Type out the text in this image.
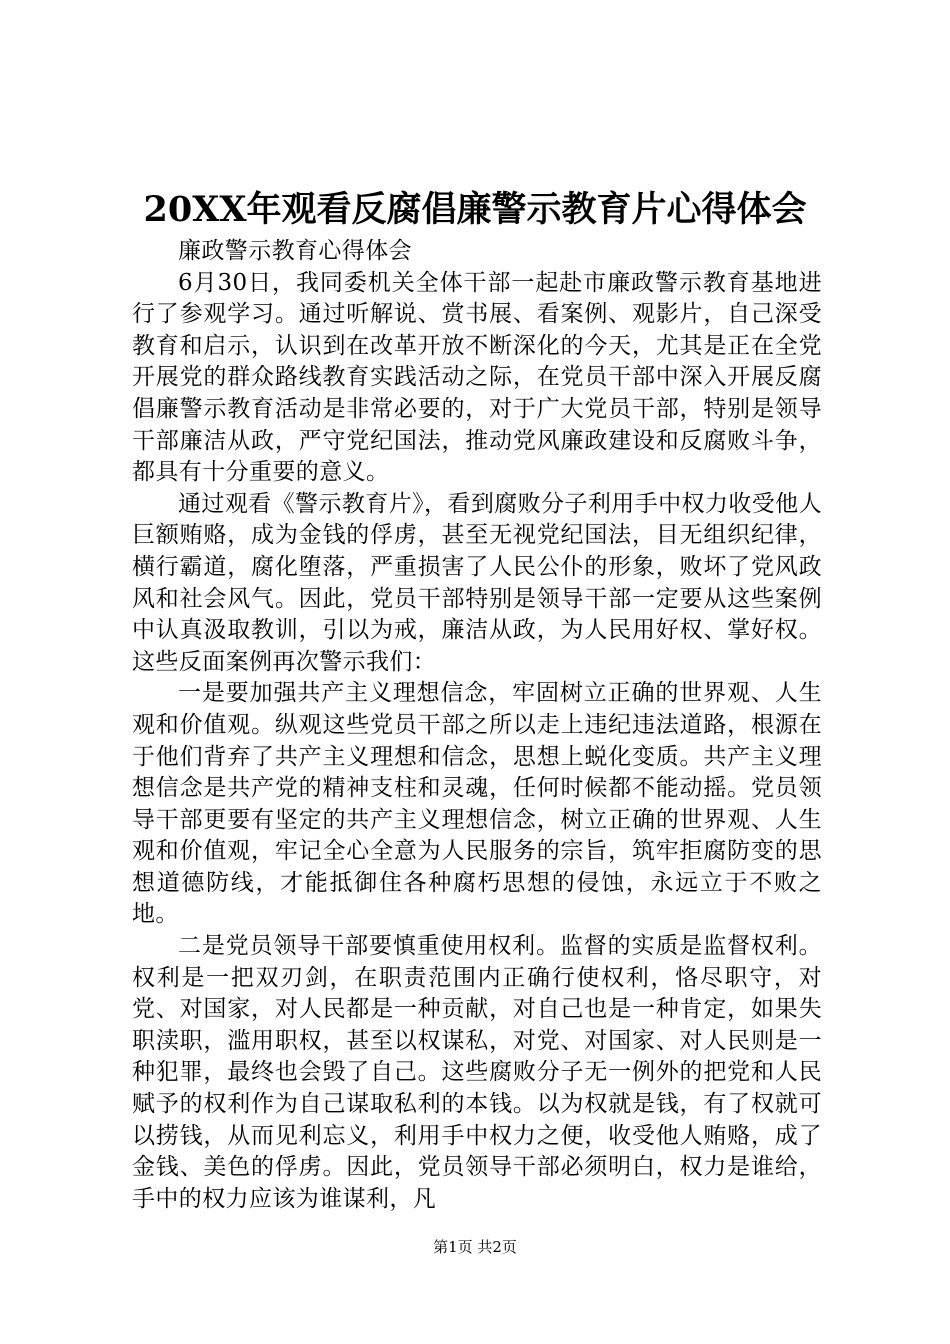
20XX年观看反腐倡廉警示教育片心得体会

廉政警示教育心得体会

6月30日，我同委机关全体干部一起赴市廉政警示教育基地进行了参观学习。通过听解说、赏书展、看案例、观影片，自己深受教育和启示，认识到在改革开放不断深化的今天，尤其是正在全党开展党的群众路线教育实践活动之际，在党员干部中深入开展反腐倡廉警示教育活动是非常必要的，对于广大党员干部，特别是领导干部廉洁从政，严守党纪国法，推动党风廉政建设和反腐败斗争，都具有十分重要的意义。

通过观看《警示教育片》，看到腐败分子利用手中权力收受他人巨额贿赂，成为金钱的俘虏，甚至无视党纪国法，目无组织纪律，横行霸道，腐化堕落，严重损害了人民公仆的形象，败坏了党风政风和社会风气。因此，党员干部特别是领导干部一定要从这些案例中认真汲取教训，引以为戒，廉洁从政，为人民用好权、掌好权。这些反面案例再次警示我们：

一是要加强共产主义理想信念，牢固树立正确的世界观、人生观和价值观。纵观这些党员干部之所以走上违纪违法道路，根源在于他们背弃了共产主义理想和信念，思想上蜕化变质。共产主义理想信念是共产党的精神支柱和灵魂，任何时候都不能动摇。党员领导干部更要有坚定的共产主义理想信念，树立正确的世界观、人生观和价值观，牢记全心全意为人民服务的宗旨，筑牢拒腐防变的思想道德防线，才能抵御住各种腐朽思想的侵蚀，永远立于不败之地。

二是党员领导干部要慎重使用权利。监督的实质是监督权利。权利是一把双刃剑，在职责范围内正确行使权利，恪尽职守，对党、对国家，对人民都是一种贡献，对自己也是一种肯定，如果失职渎职，滥用职权，甚至以权谋私，对党、对国家、对人民则是一种犯罪，最终也会毁了自己。这些腐败分子无一例外的把党和人民赋予的权利作为自己谋取私利的本钱。以为权就是钱，有了权就可以捞钱，从而见利忘义，利用手中权力之便，收受他人贿赂，成了金钱、美色的俘虏。因此，党员领导干部必须明白，权力是谁给，手中的权力应该为谁谋利，凡

第1页 共2页
